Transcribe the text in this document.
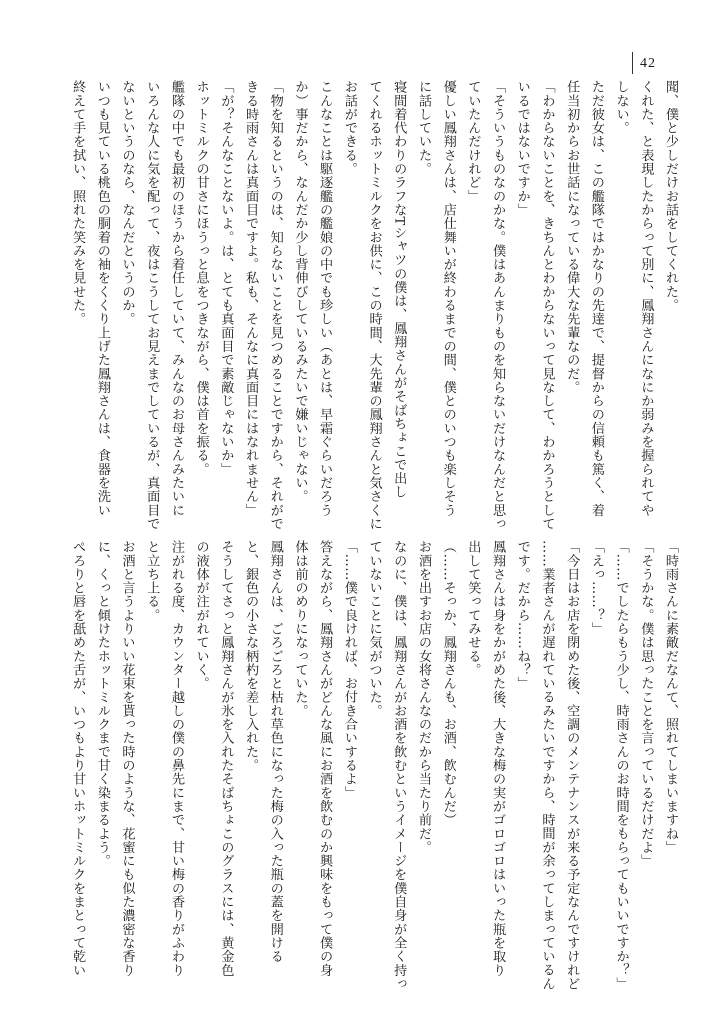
42
聞、僕と少しだけお話をしてくれた。
くれた、と表現したからって別に、鳳翔さんになにか弱みを握られてや
しない。
ただ彼女は、この艦隊ではかなりの先達で、提督からの信頼も篤く、着
任当初からお世話になっている偉大な先輩なのだ。
「わからないことを、きちんとわからないって見なして、わかろうとして
いるではないですか」
「そういうものなのかな。僕はあんまりものを知らないだけなんだと思っ
ていたんだけれど」
優しい鳳翔さんは、店仕舞いが終わるまでの間、僕とのいつも楽しそう
に話していた。
寝間着代わりのラフなTシャツの僕は、鳳翔さんがそばちょこで出し
てくれるホットミルクをお供に、この時間、大先輩の鳳翔さんと気さくに
お話ができる。
こんなことは駆逐艦の艦娘の中でも珍しい（あとは、早霜ぐらいだろう
か）事だから、なんだか少し背伸びしているみたいで嫌いじゃない。
「物を知るというのは、知らないことを見つめることですから、それがで
きる時雨さんは真面目ですよ。私も、そんなに真面目にはなれません」
「が？そんなことないよ。は、とても真面目で素敵じゃないか」
ホットミルクの甘さにほうっと息をつきながら、僕は首を振る。
艦隊の中でも最初のほうから着任していて、みんなのお母さんみたいに
いろんな人に気を配って、夜はこうしてお見えまでしているが、真面目で
ないというのなら、なんだというのか。
いつも見ている桃色の胴着の袖をくくり上げた鳳翔さんは、食器を洗い
終えて手を拭い、照れた笑みを見せた。
「時雨さんに素敵だなんて、照れてしまいますね」
「そうかな。僕は思ったことを言っているだけだよ」
「……でしたらもう少し、時雨さんのお時間をもらってもいいですか？」
「えっ……？」
「今日はお店を閉めた後、空調のメンテナンスが来る予定なんですけれど
……業者さんが遅れているみたいですから、時間が余ってしまっているん
です。だから……ね？」
鳳翔さんは身をかがめた後、大きな梅の実がゴロゴロはいった瓶を取り
出して笑ってみせる。
（……そっか、鳳翔さんも、お酒、飲むんだ）
お酒を出すお店の女将さんなのだから当たり前だ。
なのに、僕は、鳳翔さんがお酒を飲むというイメージを僕自身が全く持っ
ていないことに気がついた。
「……僕で良ければ、お付き合いするよ」
答えながら、鳳翔さんがどんな風にお酒を飲むのか興味をもって僕の身
体は前のめりになっていた。
鳳翔さんは、ごろごろと枯れ草色になった梅の入った瓶の蓋を開ける
と、銀色の小さな柄杓を差し入れた。
そうしてさっと鳳翔さんが氷を入れたそばちょこのグラスには、黄金色
の液体が注がれていく。
注がれる度、カウンター越しの僕の鼻先にまで、甘い梅の香りがふわり
と立ち上る。
お酒と言うよりいい花束を貰った時のような、花蜜にも似た濃密な香り
に、くっと傾けたホットミルクまで甘く染まるよう。
ぺろりと唇を舐めた舌が、いつもより甘いホットミルクをまとって乾い
